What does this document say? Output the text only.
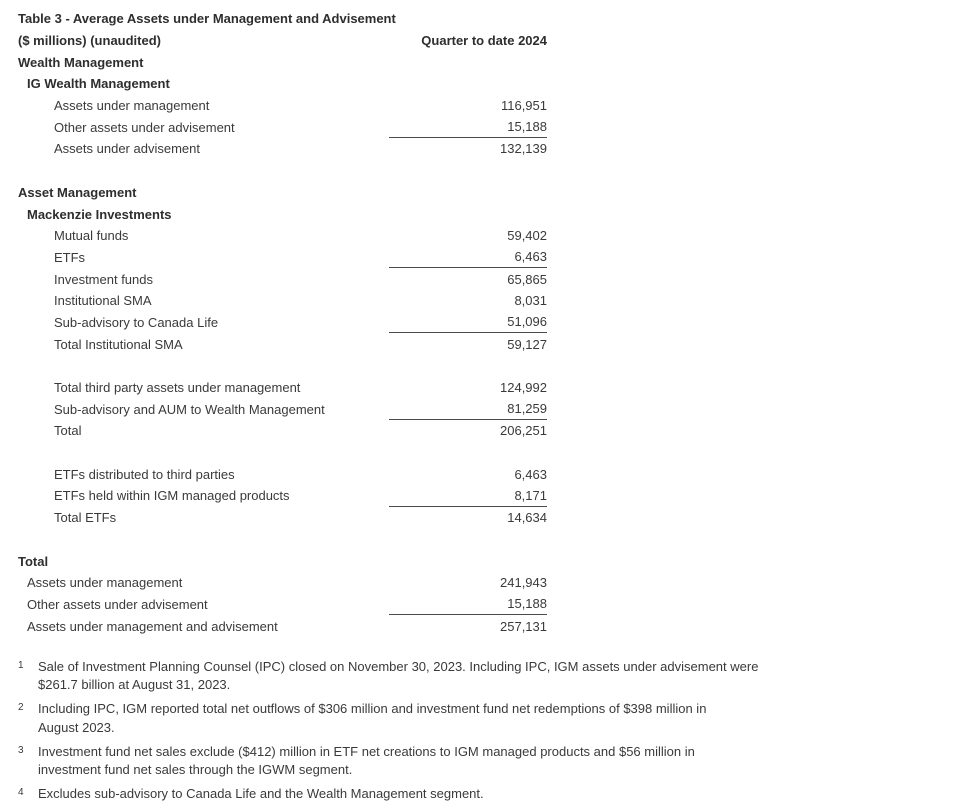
Table 3 - Average Assets under Management and Advisement
($ millions) (unaudited)	Quarter to date 2024
Wealth Management
IG Wealth Management
Assets under management	116,951
Other assets under advisement	15,188
Assets under advisement	132,139
Asset Management
Mackenzie Investments
Mutual funds	59,402
ETFs	6,463
Investment funds	65,865
Institutional SMA	8,031
Sub-advisory to Canada Life	51,096
Total Institutional SMA	59,127
Total third party assets under management	124,992
Sub-advisory and AUM to Wealth Management	81,259
Total	206,251
ETFs distributed to third parties	6,463
ETFs held within IGM managed products	8,171
Total ETFs	14,634
Total
Assets under management	241,943
Other assets under advisement	15,188
Assets under management and advisement	257,131
1 Sale of Investment Planning Counsel (IPC) closed on November 30, 2023. Including IPC, IGM assets under advisement were
$261.7 billion at August 31, 2023.
2 Including IPC, IGM reported total net outflows of $306 million and investment fund net redemptions of $398 million in
August 2023.
3 Investment fund net sales exclude ($412) million in ETF net creations to IGM managed products and $56 million in
investment fund net sales through the IGWM segment.
4 Excludes sub-advisory to Canada Life and the Wealth Management segment.
